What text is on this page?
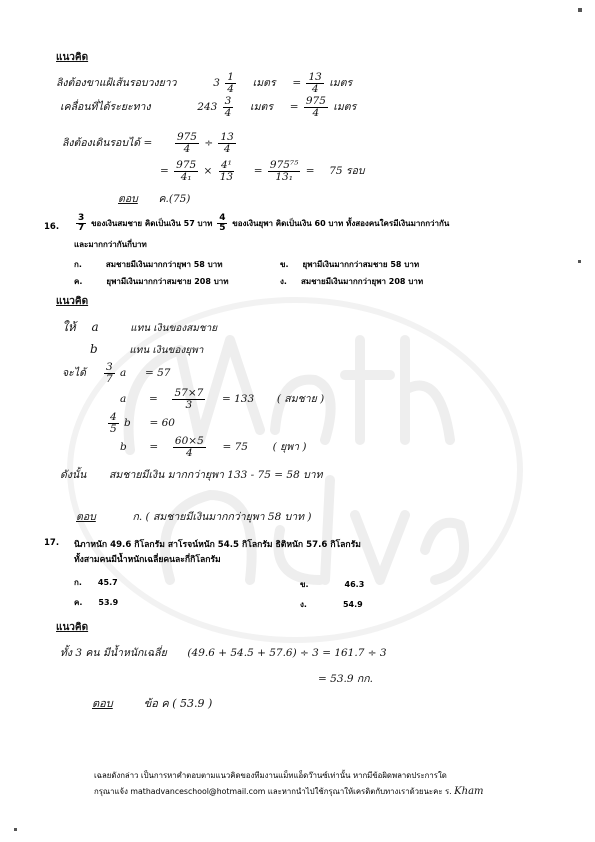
แนวคิด
ลิงต้องขาแฝ้เส้นรอบวงยาว	$3 \frac{1}{4}$ เมตร = $\frac{13}{4}$ เมตร
เคลื่อนที่ได้ระยะทาง	$243 \frac{3}{4}$ เมตร = $\frac{975}{4}$ เมตร
ลิงต้องเดินรอบได้ = $\frac{975}{4} \div \frac{13}{4}$
= $\frac{975}{\text{4₁}} \times \frac{\text{4¹}}{13} = \frac{\text{975⁷⁵}}{\text{13₁}} = 75$ รอบ
ตอบ ค.(75)
16. $\frac{3}{7}$ ของเงินสมชาย คิดเป็นเงิน 57 บาท $\frac{4}{5}$ ของเงินยุพา คิดเป็นเงิน 60 บาท ทั้งสองคนใครมีเงินมากกว่ากัน
และมากกว่ากันกี่บาท
ก.	สมชายมีเงินมากกว่ายุพา 58 บาท	ข. ยุพามีเงินมากกว่าสมชาย 58 บาท
ค.	ยุพามีเงินมากกว่าสมชาย 208 บาท	ง. สมชายมีเงินมากกว่ายุพา 208 บาท
แนวคิด
ให้ a	แทน เงินของสมชาย
b	แทน เงินของยุพา
จะได้ $\frac{3}{7}$ a = 57
$a = \frac{57\times 7}{3} = 133$ ( สมชาย )
$\frac{4}{5}$ b = 60
$b = \frac{60\times 5}{4} = 75$ ( ยุพา )
ดังนั้น สมชายมีเงิน มากกว่ายุพา 133 - 75 = 58 บาท
ตอบ	ก. ( สมชายมีเงินมากกว่ายุพา 58 บาท )
17. นิภาหนัก 49.6 กิโลกรัม สาโรจน์หนัก 54.5 กิโลกรัม ธิติหนัก 57.6 กิโลกรัม
ทั้งสามคนมีน้ำหนักเฉลี่ยคนละกี่กิโลกรัม
ก. 45.7	ข.	46.3
ค. 53.9	ง.	54.9
แนวคิด
ทั้ง 3 คน มีน้ำหนักเฉลี่ย (49.6 + 54.5 + 57.6) ÷ 3 = 161.7 ÷ 3
= 53.9 กก.
ตอบ	ข้อ ค ( 53.9 )
เฉลยดังกล่าว เป็นการหาคำตอบตามแนวคิดของทีมงานแม็ทแอ็ดว๊านซ์เท่านั้น หากมีข้อผิดพลาดประการใด
กรุณาแจ้ง mathadvanceschool@hotmail.com และหากนำไปใช้กรุณาให้เครดิตกับทางเราด้วยนะคะ ร. Kham
